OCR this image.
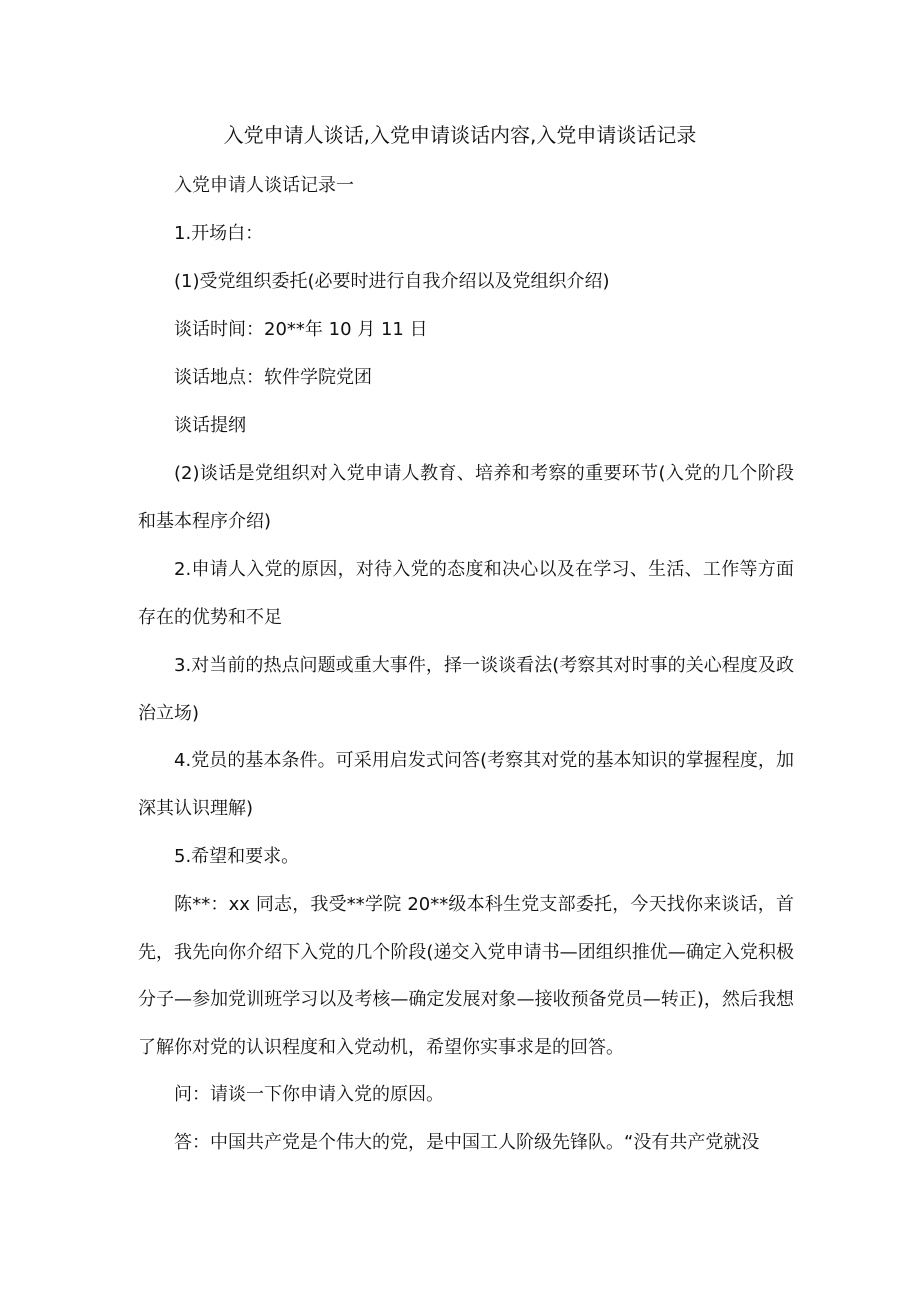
入党申请人谈话,入党申请谈话内容,入党申请谈话记录

入党申请人谈话记录一

1.开场白：

(1)受党组织委托(必要时进行自我介绍以及党组织介绍)

谈话时间：20**年 10 月 11 日

谈话地点：软件学院党团

谈话提纲

(2)谈话是党组织对入党申请人教育、培养和考察的重要环节(入党的几个阶段和基本程序介绍)

2.申请人入党的原因，对待入党的态度和决心以及在学习、生活、工作等方面存在的优势和不足

3.对当前的热点问题或重大事件，择一谈谈看法(考察其对时事的关心程度及政治立场)

4.党员的基本条件。可采用启发式问答(考察其对党的基本知识的掌握程度，加深其认识理解)

5.希望和要求。

陈**：xx 同志，我受**学院 20**级本科生党支部委托，今天找你来谈话，首先，我先向你介绍下入党的几个阶段(递交入党申请书—团组织推优—确定入党积极分子—参加党训班学习以及考核—确定发展对象—接收预备党员—转正)，然后我想了解你对党的认识程度和入党动机，希望你实事求是的回答。

问：请谈一下你申请入党的原因。

答：中国共产党是个伟大的党，是中国工人阶级先锋队。“没有共产党就没
